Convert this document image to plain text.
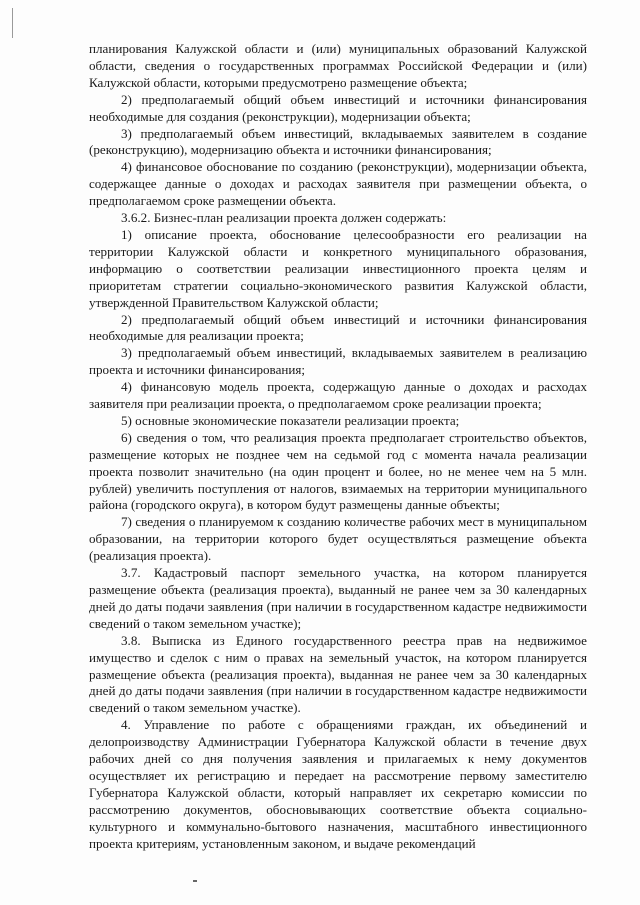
планирования Калужской области и (или) муниципальных образований Калужской области, сведения о государственных программах Российской Федерации и (или) Калужской области, которыми предусмотрено размещение объекта;

2) предполагаемый общий объем инвестиций и источники финансирования необходимые для создания (реконструкции), модернизации объекта;

3) предполагаемый объем инвестиций, вкладываемых заявителем в создание (реконструкцию), модернизацию объекта и источники финансирования;

4) финансовое обоснование по созданию (реконструкции), модернизации объекта, содержащее данные о доходах и расходах заявителя при размещении объекта, о предполагаемом сроке размещении объекта.

3.6.2. Бизнес-план реализации проекта должен содержать:

1) описание проекта, обоснование целесообразности его реализации на территории Калужской области и конкретного муниципального образования, информацию о соответствии реализации инвестиционного проекта целям и приоритетам стратегии социально-экономического развития Калужской области, утвержденной Правительством Калужской области;

2) предполагаемый общий объем инвестиций и источники финансирования необходимые для реализации проекта;

3) предполагаемый объем инвестиций, вкладываемых заявителем в реализацию проекта и источники финансирования;

4) финансовую модель проекта, содержащую данные о доходах и расходах заявителя при реализации проекта, о предполагаемом сроке реализации проекта;

5) основные экономические показатели реализации проекта;

6) сведения о том, что реализация проекта предполагает строительство объектов, размещение которых не позднее чем на седьмой год с момента начала реализации проекта позволит значительно (на один процент и более, но не менее чем на 5 млн. рублей) увеличить поступления от налогов, взимаемых на территории муниципального района (городского округа), в котором будут размещены данные объекты;

7) сведения о планируемом к созданию количестве рабочих мест в муниципальном образовании, на территории которого будет осуществляться размещение объекта (реализация проекта).

3.7. Кадастровый паспорт земельного участка, на котором планируется размещение объекта (реализация проекта), выданный не ранее чем за 30 календарных дней до даты подачи заявления (при наличии в государственном кадастре недвижимости сведений о таком земельном участке);

3.8. Выписка из Единого государственного реестра прав на недвижимое имущество и сделок с ним о правах на земельный участок, на котором планируется размещение объекта (реализация проекта), выданная не ранее чем за 30 календарных дней до даты подачи заявления (при наличии в государственном кадастре недвижимости сведений о таком земельном участке).

4. Управление по работе с обращениями граждан, их объединений и делопроизводству Администрации Губернатора Калужской области в течение двух рабочих дней со дня получения заявления и прилагаемых к нему документов осуществляет их регистрацию и передает на рассмотрение первому заместителю Губернатора Калужской области, который направляет их секретарю комиссии по рассмотрению документов, обосновывающих соответствие объекта социально-культурного и коммунально-бытового назначения, масштабного инвестиционного проекта критериям, установленным законом, и выдаче рекомендаций
